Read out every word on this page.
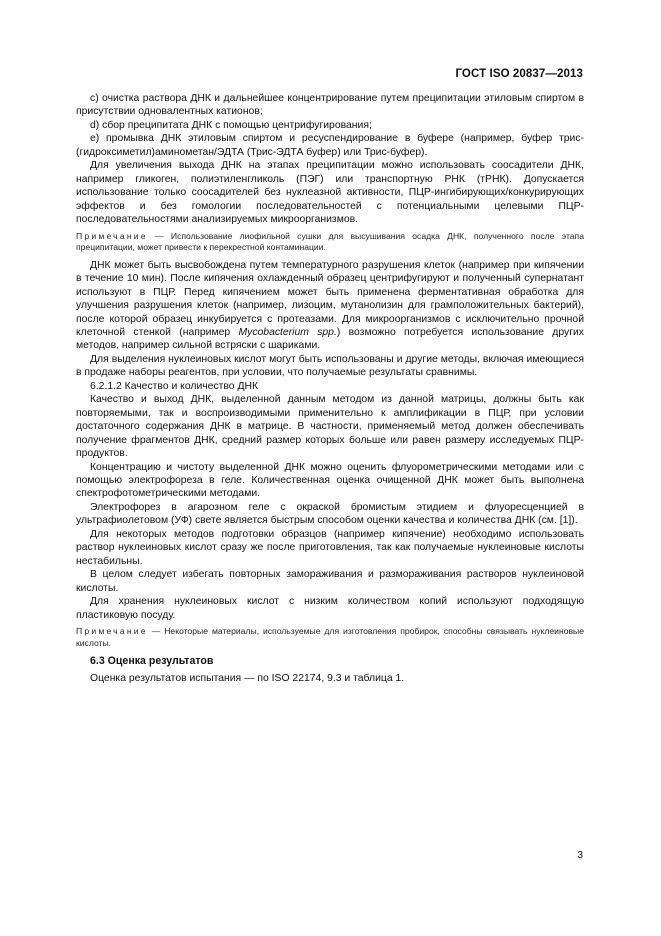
ГОСТ ISO 20837—2013

c) очистка раствора ДНК и дальнейшее концентрирование путем преципитации этиловым спиртом в присутствии одновалентных катионов;

d) сбор преципитата ДНК с помощью центрифугирования;

e) промывка ДНК этиловым спиртом и ресуспендирование в буфере (например, буфер трис-(гидроксиметил)аминометан/ЭДТА (Трис-ЭДТА буфер) или Трис-буфер).

Для увеличения выхода ДНК на этапах преципитации можно использовать соосадители ДНК, например гликоген, полиэтиленгликоль (ПЭГ) или транспортную РНК (тРНК). Допускается использование только соосадителей без нуклеазной активности, ПЦР-ингибирующих/конкурирующих эффектов и без гомологии последовательностей с потенциальными целевыми ПЦР-последовательностями анализируемых микроорганизмов.

Примечание — Использование лиофильной сушки для высушивания осадка ДНК, полученного после этапа преципитации, может привести к перекрестной контаминации.

ДНК может быть высвобождена путем температурного разрушения клеток (например при кипячении в течение 10 мин). После кипячения охлажденный образец центрифугируют и полученный супернатант используют в ПЦР. Перед кипячением может быть применена ферментативная обработка для улучшения разрушения клеток (например, лизоцим, мутанолизин для грамположительных бактерий), после которой образец инкубируется с протеазами. Для микроорганизмов с исключительно прочной клеточной стенкой (например Mycobacterium spp.) возможно потребуется использование других методов, например сильной встряски с шариками.

Для выделения нуклеиновых кислот могут быть использованы и другие методы, включая имеющиеся в продаже наборы реагентов, при условии, что получаемые результаты сравнимы.

6.2.1.2 Качество и количество ДНК

Качество и выход ДНК, выделенной данным методом из данной матрицы, должны быть как повторяемыми, так и воспроизводимыми применительно к амплификации в ПЦР, при условии достаточного содержания ДНК в матрице. В частности, применяемый метод должен обеспечивать получение фрагментов ДНК, средний размер которых больше или равен размеру исследуемых ПЦР-продуктов.

Концентрацию и чистоту выделенной ДНК можно оценить флуорометрическими методами или с помощью электрофореза в геле. Количественная оценка очищенной ДНК может быть выполнена спектрофотометрическими методами.

Электрофорез в агарозном геле с окраской бромистым этидием и флуоресценцией в ультрафиолетовом (УФ) свете является быстрым способом оценки качества и количества ДНК (см. [1]).

Для некоторых методов подготовки образцов (например кипячение) необходимо использовать раствор нуклеиновых кислот сразу же после приготовления, так как получаемые нуклеиновые кислоты нестабильны.

В целом следует избегать повторных замораживания и размораживания растворов нуклеиновой кислоты.

Для хранения нуклеиновых кислот с низким количеством копий используют подходящую пластиковую посуду.

Примечание — Некоторые материалы, используемые для изготовления пробирок, способны связывать нуклеиновые кислоты.

6.3 Оценка результатов

Оценка результатов испытания — по ISO 22174, 9.3 и таблица 1.

3
